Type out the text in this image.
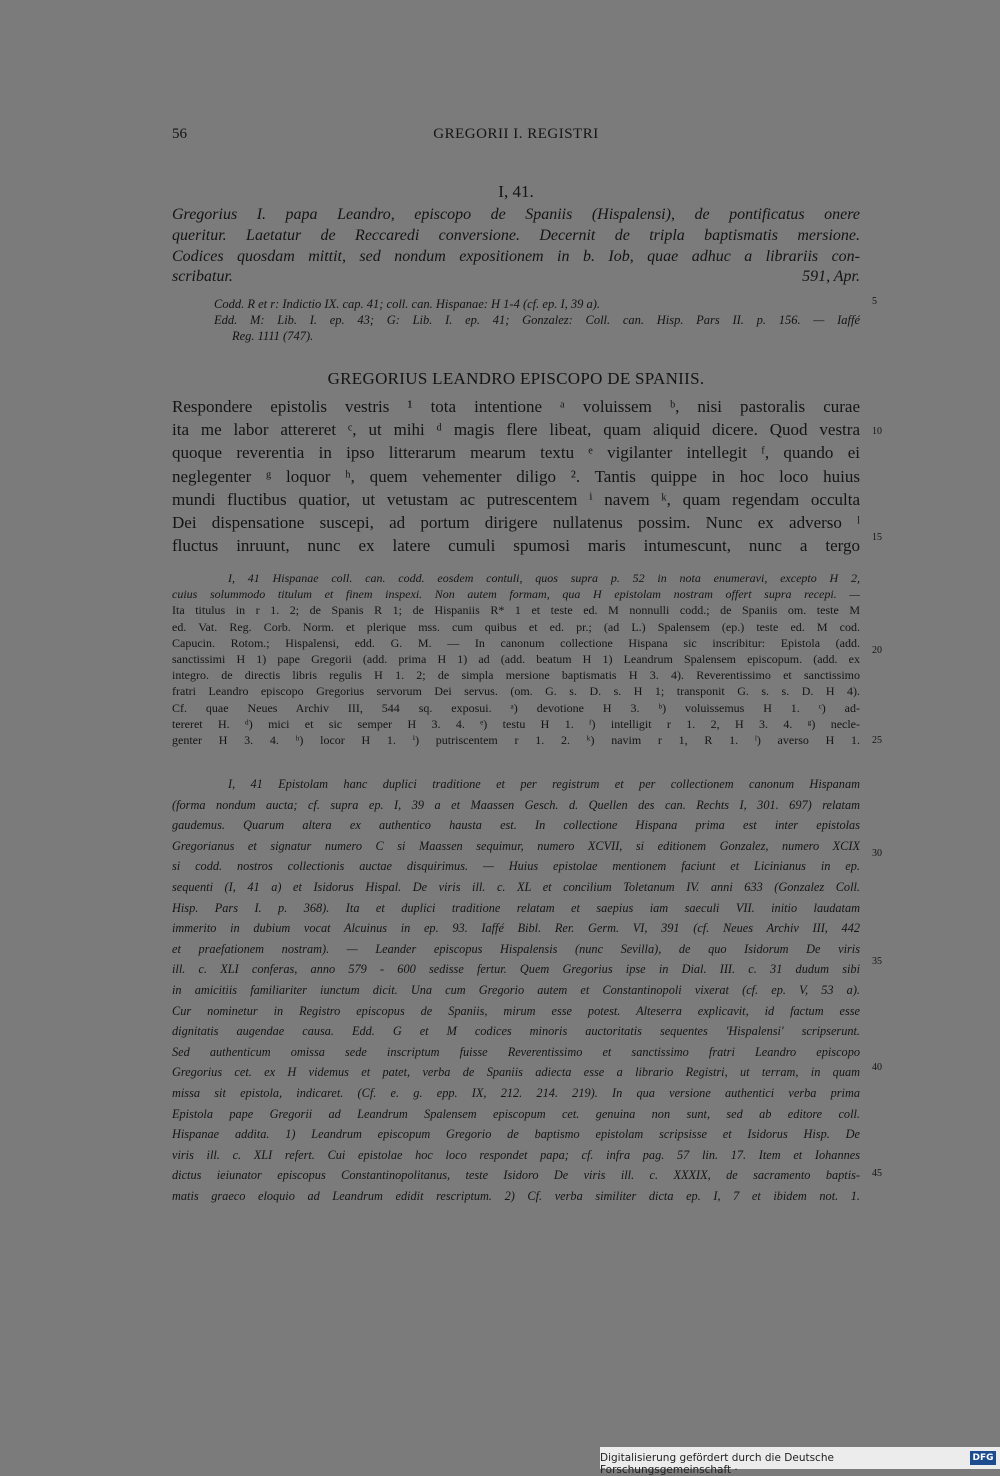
56	GREGORII I. REGISTRI
I, 41.
Gregorius I. papa Leandro, episcopo de Spaniis (Hispalensi), de pontificatus onere
queritur. Laetatur de Reccaredi conversione. Decernit de tripla baptismatis mersione.
Codices quosdam mittit, sed nondum expositionem in b. Iob, quae adhuc a librariis con-
scribatur.	591, Apr.
Codd. R et r: Indictio IX. cap. 41; coll. can. Hispanae: H 1-4 (cf. ep. I, 39 a).
Edd. M: Lib. I. ep. 43; G: Lib. I. ep. 41; Gonzalez: Coll. can. Hisp. Pars II. p. 156. — Iaffé
Reg. 1111 (747).
GREGORIUS LEANDRO EPISCOPO DE SPANIIS.
Respondere epistolis vestris ¹ tota intentione ᵃ voluissem ᵇ, nisi pastoralis curae
ita me labor attereret ᶜ, ut mihi ᵈ magis flere libeat, quam aliquid dicere. Quod vestra
quoque reverentia in ipso litterarum mearum textu ᵉ vigilanter intellegit ᶠ, quando ei
neglegenter ᵍ loquor ʰ, quem vehementer diligo ². Tantis quippe in hoc loco huius
mundi fluctibus quatior, ut vetustam ac putrescentem ⁱ navem ᵏ, quam regendam occulta
Dei dispensatione suscepi, ad portum dirigere nullatenus possim. Nunc ex adverso ˡ
fluctus inruunt, nunc ex latere cumuli spumosi maris intumescunt, nunc a tergo
I, 41 Hispanae coll. can. codd. eosdem contuli, quos supra p. 52 in nota enumeravi, excepto H 2,
cuius solummodo titulum et finem inspexi. Non autem formam, qua H epistolam nostram offert supra recepi. —
Ita titulus in r 1. 2; de Spanis R 1; de Hispaniis R* 1 et teste ed. M nonnulli codd.; de Spaniis om. teste M
ed. Vat. Reg. Corb. Norm. et plerique mss. cum quibus et ed. pr.; (ad L.) Spalensem (ep.) teste ed. M cod.
Capucin. Rotom.; Hispalensi, edd. G. M. — In canonum collectione Hispana sic inscribitur: Epistola (add.
sanctissimi H 1) pape Gregorii (add. prima H 1) ad (add. beatum H 1) Leandrum Spalensem episcopum. (add. ex
integro. de directis libris regulis H 1. 2; de simpla mersione baptismatis H 3. 4). Reverentissimo et sanctissimo
fratri Leandro episcopo Gregorius servorum Dei servus. (om. G. s. D. s. H 1; transponit G. s. s. D. H 4).
Cf. quae Neues Archiv III, 544 sq. exposui. ᵃ) devotione H 3. ᵇ) voluissemus H 1. ᶜ) ad-
tereret H. ᵈ) mici et sic semper H 3. 4. ᵉ) testu H 1. ᶠ) intelligit r 1. 2, H 3. 4. ᵍ) necle-
genter H 3. 4. ʰ) locor H 1. ⁱ) putriscentem r 1. 2. ᵏ) navim r 1, R 1. ˡ) averso H 1.
I, 41 Epistolam hanc duplici traditione et per registrum et per collectionem canonum Hispanam
(forma nondum aucta; cf. supra ep. I, 39 a et Maassen Gesch. d. Quellen des can. Rechts I, 301. 697) relatam
gaudemus. Quarum altera ex authentico hausta est. In collectione Hispana prima est inter epistolas
Gregorianus et signatur numero C si Maassen sequimur, numero XCVII, si editionem Gonzalez, numero XCIX
si codd. nostros collectionis auctae disquirimus. — Huius epistolae mentionem faciunt et Licinianus in ep.
sequenti (I, 41 a) et Isidorus Hispal. De viris ill. c. XL et concilium Toletanum IV. anni 633 (Gonzalez Coll.
Hisp. Pars I. p. 368). Ita et duplici traditione relatam et saepius iam saeculi VII. initio laudatam
immerito in dubium vocat Alcuinus in ep. 93. Iaffé Bibl. Rer. Germ. VI, 391 (cf. Neues Archiv III, 442
et praefationem nostram). — Leander episcopus Hispalensis (nunc Sevilla), de quo Isidorum De viris
ill. c. XLI conferas, anno 579 - 600 sedisse fertur. Quem Gregorius ipse in Dial. III. c. 31 dudum sibi
in amicitiis familiariter iunctum dicit. Una cum Gregorio autem et Constantinopoli vixerat (cf. ep. V, 53 a).
Cur nominetur in Registro episcopus de Spaniis, mirum esse potest. Alteserra explicavit, id factum esse
dignitatis augendae causa. Edd. G et M codices minoris auctoritatis sequentes 'Hispalensi' scripserunt.
Sed authenticum omissa sede inscriptum fuisse Reverentissimo et sanctissimo fratri Leandro episcopo
Gregorius cet. ex H videmus et patet, verba de Spaniis adiecta esse a librario Registri, ut terram, in quam
missa sit epistola, indicaret. (Cf. e. g. epp. IX, 212. 214. 219). In qua versione authentici verba prima
Epistola pape Gregorii ad Leandrum Spalensem episcopum cet. genuina non sunt, sed ab editore coll.
Hispanae addita. 1) Leandrum episcopum Gregorio de baptismo epistolam scripsisse et Isidorus Hisp. De
viris ill. c. XLI refert. Cui epistolae hoc loco respondet papa; cf. infra pag. 57 lin. 17. Item et Iohannes
dictus ieiunator episcopus Constantinopolitanus, teste Isidoro De viris ill. c. XXXIX, de sacramento baptis-
matis graeco eloquio ad Leandrum edidit rescriptum. 2) Cf. verba similiter dicta ep. I, 7 et ibidem not. 1.
5
10
15
20
25
30
35
40
45
Digitalisierung gefördert durch die Deutsche Forschungsgemeinschaft ·
DFG
